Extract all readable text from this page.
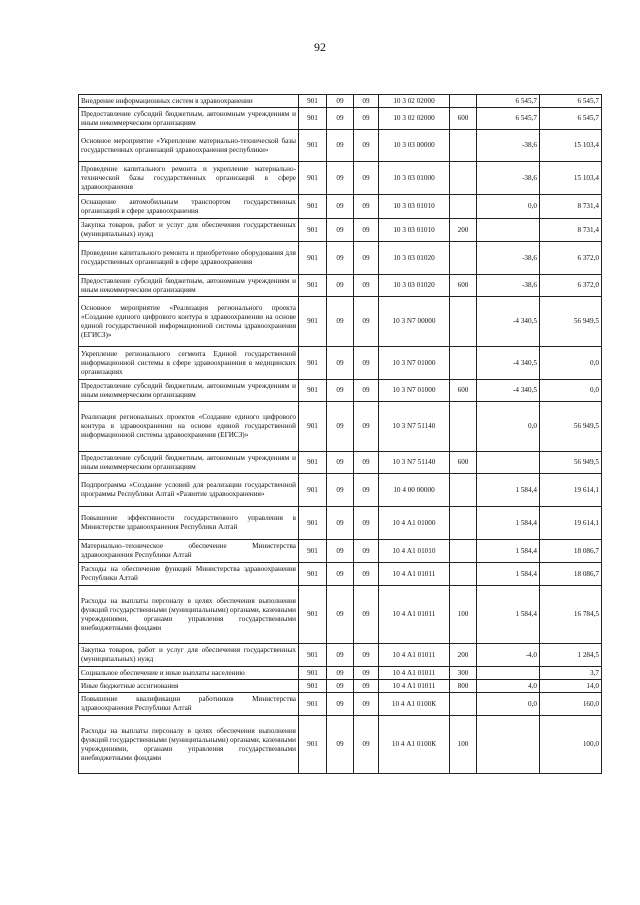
92
Внедрение информационных систем в здравоохранении	901	09	09	10 3 02 02000		6 545,7	6 545,7
Предоставление субсидий бюджетным, автономным учреждениям и иным некоммерческим организациям	901	09	09	10 3 02 02000	600	6 545,7	6 545,7
Основное мероприятие «Укрепление материально-технической базы государственных организаций здравоохранения республики»	901	09	09	10 3 03 00000		-38,6	15 103,4
Проведение капитального ремонта и укрепление материально-технической базы государственных организаций в сфере здравоохранения	901	09	09	10 3 03 01000		-38,6	15 103,4
Оснащение автомобильным транспортом государственных организаций в сфере здравоохранения	901	09	09	10 3 03 01010		0,0	8 731,4
Закупка товаров, работ и услуг для обеспечения государственных (муниципальных) нужд	901	09	09	10 3 03 01010	200		8 731,4
Проведение капитального ремонта и приобретение оборудования для государственных организаций в сфере здравоохранения	901	09	09	10 3 03 01020		-38,6	6 372,0
Предоставление субсидий бюджетным, автономным учреждениям и иным некоммерческим организациям	901	09	09	10 3 03 01020	600	-38,6	6 372,0
Основное мероприятие «Реализация регионального проекта «Создание единого цифрового контура в здравоохранении на основе единой государственной информационной системы здравоохранения (ЕГИСЗ)»	901	09	09	10 3 N7 00000		-4 340,5	56 949,5
Укрепление регионального сегмента Единой государственной информационной системы в сфере здравоохранения в медицинских организациях	901	09	09	10 3 N7 01000		-4 340,5	0,0
Предоставление субсидий бюджетным, автономным учреждениям и иным некоммерческим организациям	901	09	09	10 3 N7 01000	600	-4 340,5	0,0
Реализация региональных проектов «Создание единого цифрового контура в здравоохранении на основе единой государственной информационной системы здравоохранения (ЕГИСЗ)»	901	09	09	10 3 N7 51140		0,0	56 949,5
Предоставление субсидий бюджетным, автономным учреждениям и иным некоммерческим организациям	901	09	09	10 3 N7 51140	600		56 949,5
Подпрограмма «Создание условий для реализации государственной программы Республики Алтай «Развитие здравоохранения»	901	09	09	10 4 00 00000		1 584,4	19 614,1
Повышение эффективности государственного управления в Министерстве здравоохранения Республики Алтай	901	09	09	10 4 А1 01000		1 584,4	19 614,1
Материально–техническое обеспечение Министерства здравоохранения Республики Алтай	901	09	09	10 4 А1 01010		1 584,4	18 086,7
Расходы на обеспечение функций Министерства здравоохранения Республики Алтай	901	09	09	10 4 А1 01011		1 584,4	18 086,7
Расходы на выплаты персоналу в целях обеспечения выполнения функций государственными (муниципальными) органами, казенными учреждениями, органами управления государственными внебюджетными фондами	901	09	09	10 4 А1 01011	100	1 584,4	16 784,5
Закупка товаров, работ и услуг для обеспечения государственных (муниципальных) нужд	901	09	09	10 4 А1 01011	200	-4,0	1 284,5
Социальное обеспечение и иные выплаты населению	901	09	09	10 4 А1 01011	300		3,7
Иные бюджетные ассигнования	901	09	09	10 4 А1 01011	800	4,0	14,0
Повышение квалификации работников Министерства здравоохранения Республики Алтай	901	09	09	10 4 А1 0100К		0,0	160,0
Расходы на выплаты персоналу в целях обеспечения выполнения функций государственными (муниципальными) органами, казенными учреждениями, органами управления государственными внебюджетными фондами	901	09	09	10 4 А1 0100К	100		100,0
